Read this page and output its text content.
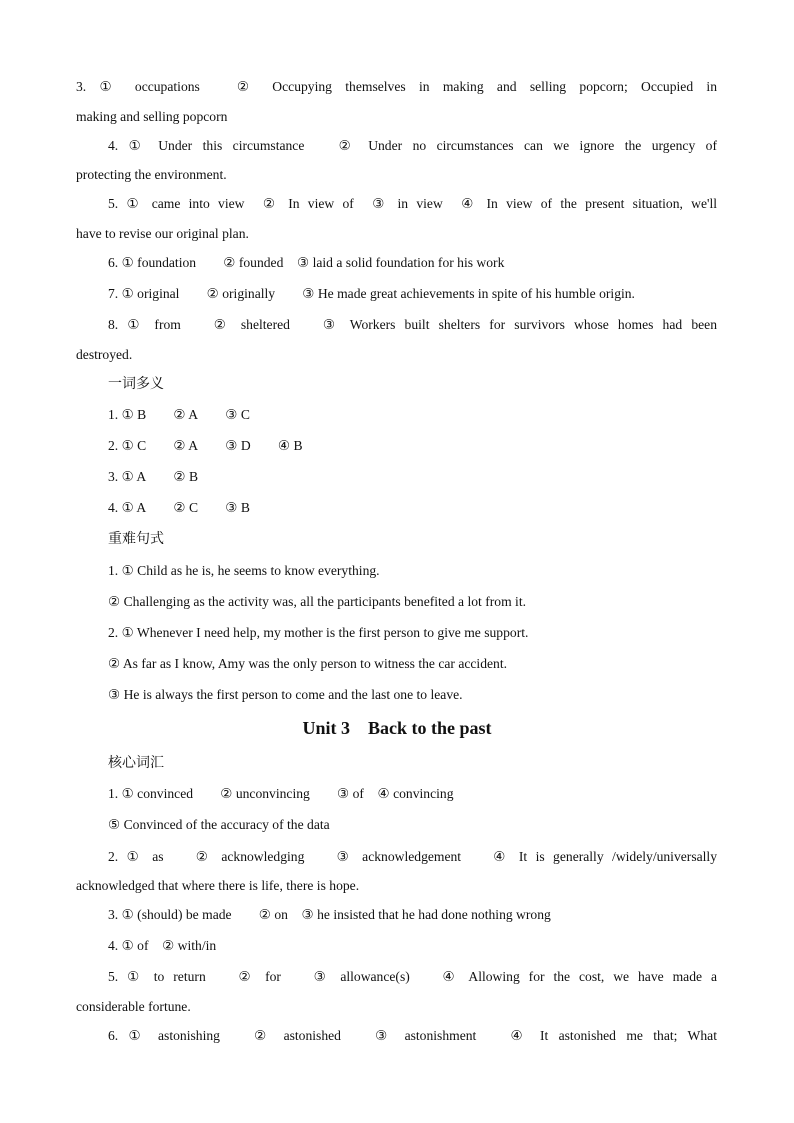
3. ① occupations  ② Occupying themselves in making and selling popcorn; Occupied in
making and selling popcorn
4. ① Under this circumstance  ② Under no circumstances can we ignore the urgency of
protecting the environment.
5. ① came into view ② In view of ③ in view ④ In view of the present situation, we'll
have to revise our original plan.
6. ① foundation  ② founded ③ laid a solid foundation for his work
7. ① original  ② originally  ③ He made great achievements in spite of his humble origin.
8. ① from  ② sheltered  ③ Workers built shelters for survivors whose homes had been
destroyed.
一词多义
1. ① B  ② A  ③ C
2. ① C  ② A  ③ D  ④ B
3. ① A  ② B
4. ① A  ② C  ③ B
重难句式
1. ① Child as he is, he seems to know everything.
② Challenging as the activity was, all the participants benefited a lot from it.
2. ① Whenever I need help, my mother is the first person to give me support.
② As far as I know, Amy was the only person to witness the car accident.
③ He is always the first person to come and the last one to leave.
Unit 3 Back to the past
核心词汇
1. ① convinced  ② unconvincing  ③ of ④ convincing
⑤ Convinced of the accuracy of the data
2. ① as  ② acknowledging  ③ acknowledgement  ④ It is generally /widely/universally
acknowledged that where there is life, there is hope.
3. ① (should) be made  ② on ③ he insisted that he had done nothing wrong
4. ① of ② with/in
5. ① to return  ② for  ③ allowance(s)  ④ Allowing for the cost, we have made a
considerable fortune.
6. ① astonishing  ② astonished  ③ astonishment  ④ It astonished me that; What
